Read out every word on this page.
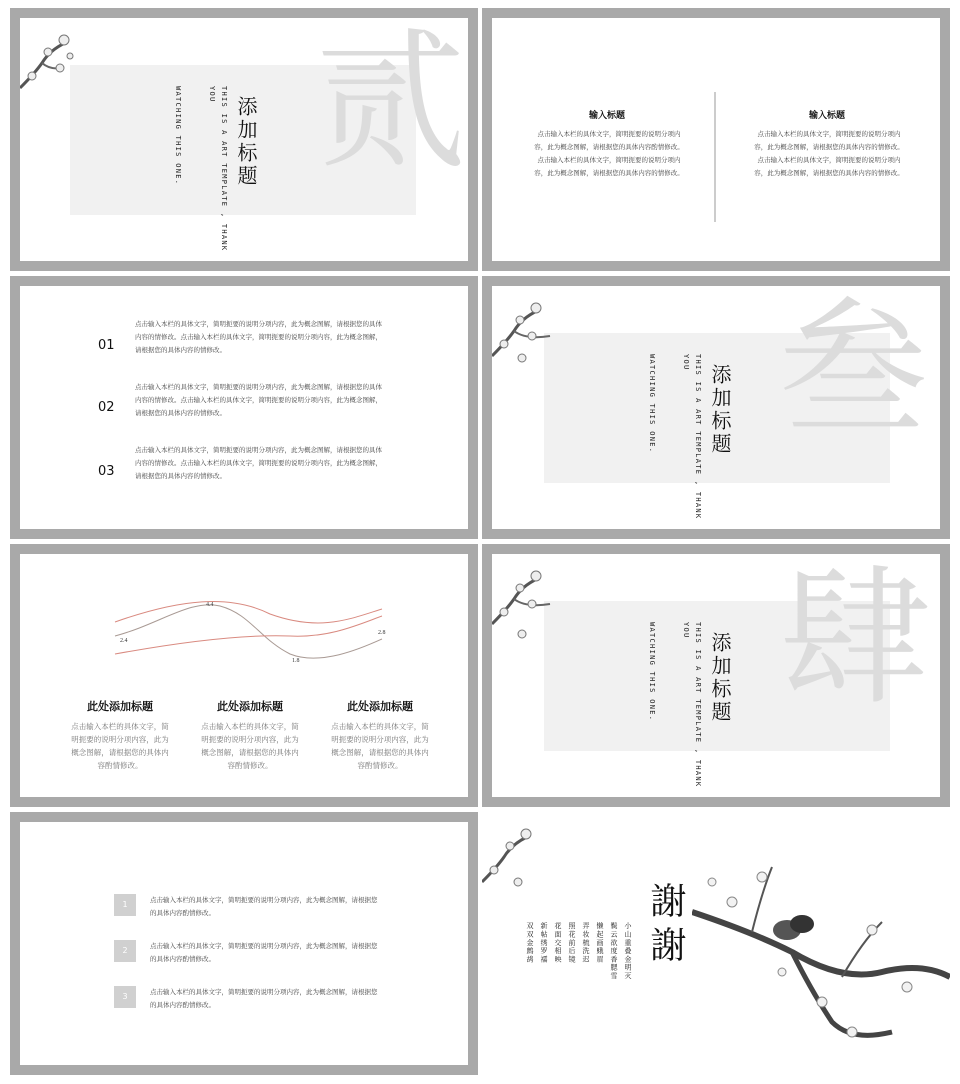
贰
添加标题
THIS IS A ART TEMPLATE , THANK YOU
WATCHING THIS ONE.	输入标题
点击输入本栏的具体文字，简明扼要的说明分项内容，此为概念图解，请根据您的具体内容酌情修改。点击输入本栏的具体文字，简明扼要的说明分项内容，此为概念图解，请根据您的具体内容的情修改。
输入标题
点击输入本栏的具体文字，简明扼要的说明分项内容，此为概念图解，请根据您的具体内容的情修改。点击输入本栏的具体文字，简明扼要的说明分项内容，此为概念图解，请根据您的具体内容的情修改。
01
点击输入本栏的具体文字，简明扼要的说明分项内容，此为概念图解，请根据您的具体内容的情修改。点击输入本栏的具体文字，简明扼要的说明分项内容，此为概念图解，请根据您的具体内容的情修改。
02
点击输入本栏的具体文字，简明扼要的说明分项内容，此为概念图解，请根据您的具体内容的情修改。点击输入本栏的具体文字，简明扼要的说明分项内容，此为概念图解，请根据您的具体内容的情修改。
03
点击输入本栏的具体文字，简明扼要的说明分项内容，此为概念图解，请根据您的具体内容的情修改。点击输入本栏的具体文字，简明扼要的说明分项内容，此为概念图解，请根据您的具体内容的情修改。
叁
添加标题
THIS IS A ART TEMPLATE , THANK YOU
WATCHING THIS ONE.
4.4
2.4
1.8
2.8
此处添加标题
点击输入本栏的具体文字，简明扼要的说明分项内容，此为概念图解，请根据您的具体内容酌情修改。
此处添加标题
点击输入本栏的具体文字，简明扼要的说明分项内容，此为概念图解，请根据您的具体内容酌情修改。
此处添加标题
点击输入本栏的具体文字，简明扼要的说明分项内容，此为概念图解，请根据您的具体内容酌情修改。
肆
添加标题
THIS IS A ART TEMPLATE , THANK YOU
WATCHING THIS ONE.
1	点击输入本栏的具体文字，简明扼要的说明分项内容，此为概念图解，请根据您的具体内容酌情修改。
2	点击输入本栏的具体文字，简明扼要的说明分项内容，此为概念图解，请根据您的具体内容酌情修改。
3	点击输入本栏的具体文字，简明扼要的说明分项内容，此为概念图解，请根据您的具体内容酌情修改。
謝謝
小山重叠金明灭
鬓云欲度香腮雪
懒起画蛾眉
弄妆梳洗迟
照花前后镜
花面交相映
新帖绣罗襦
双双金鹧鸪
